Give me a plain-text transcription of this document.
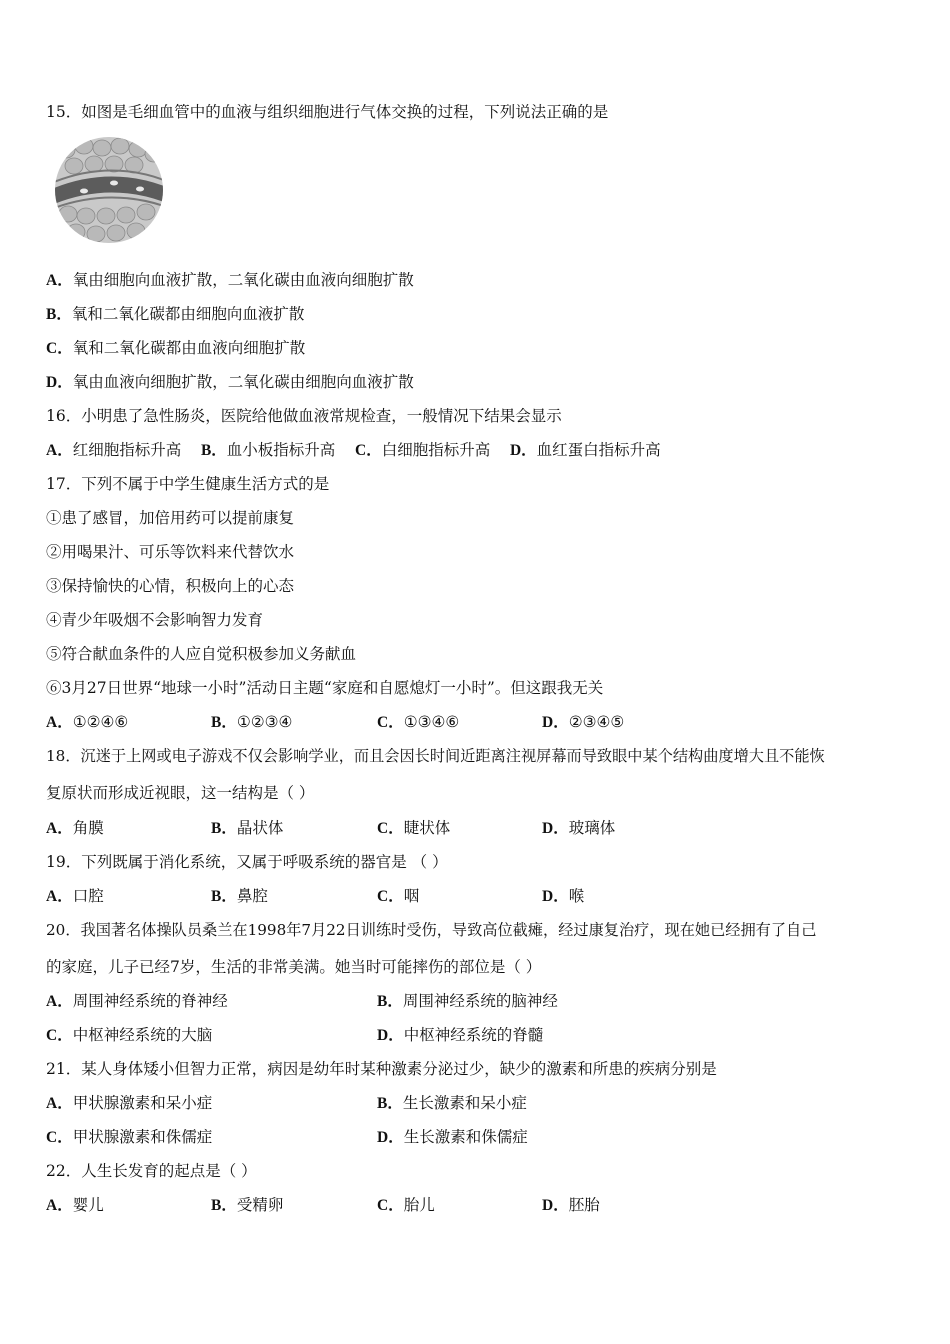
15．如图是毛细血管中的血液与组织细胞进行气体交换的过程，下列说法正确的是
A．氧由细胞向血液扩散，二氧化碳由血液向细胞扩散
B．氧和二氧化碳都由细胞向血液扩散
C．氧和二氧化碳都由血液向细胞扩散
D．氧由血液向细胞扩散，二氧化碳由细胞向血液扩散
16．小明患了急性肠炎，医院给他做血液常规检查，一般情况下结果会显示
A．红细胞指标升高 B．血小板指标升高 C．白细胞指标升高 D．血红蛋白指标升高
17．下列不属于中学生健康生活方式的是
①患了感冒，加倍用药可以提前康复
②用喝果汁、可乐等饮料来代替饮水
③保持愉快的心情，积极向上的心态
④青少年吸烟不会影响智力发育
⑤符合献血条件的人应自觉积极参加义务献血
⑥3月27日世界“地球一小时”活动日主题“家庭和自愿熄灯一小时”。但这跟我无关
A．①②④⑥	B．①②③④	C．①③④⑥	D．②③④⑤
18．沉迷于上网或电子游戏不仅会影响学业，而且会因长时间近距离注视屏幕而导致眼中某个结构曲度增大且不能恢
复原状而形成近视眼，这一结构是（ ）
A．角膜	B．晶状体	C．睫状体	D．玻璃体
19．下列既属于消化系统，又属于呼吸系统的器官是 （ ）
A．口腔	B．鼻腔	C．咽	D．喉
20．我国著名体操队员桑兰在1998年7月22日训练时受伤，导致高位截瘫，经过康复治疗，现在她已经拥有了自己
的家庭，儿子已经7岁，生活的非常美满。她当时可能摔伤的部位是（ ）
A．周围神经系统的脊神经	B．周围神经系统的脑神经
C．中枢神经系统的大脑	D．中枢神经系统的脊髓
21．某人身体矮小但智力正常，病因是幼年时某种激素分泌过少，缺少的激素和所患的疾病分别是
A．甲状腺激素和呆小症	B．生长激素和呆小症
C．甲状腺激素和侏儒症	D．生长激素和侏儒症
22．人生长发育的起点是（ ）
A．婴儿	B．受精卵	C．胎儿	D．胚胎
